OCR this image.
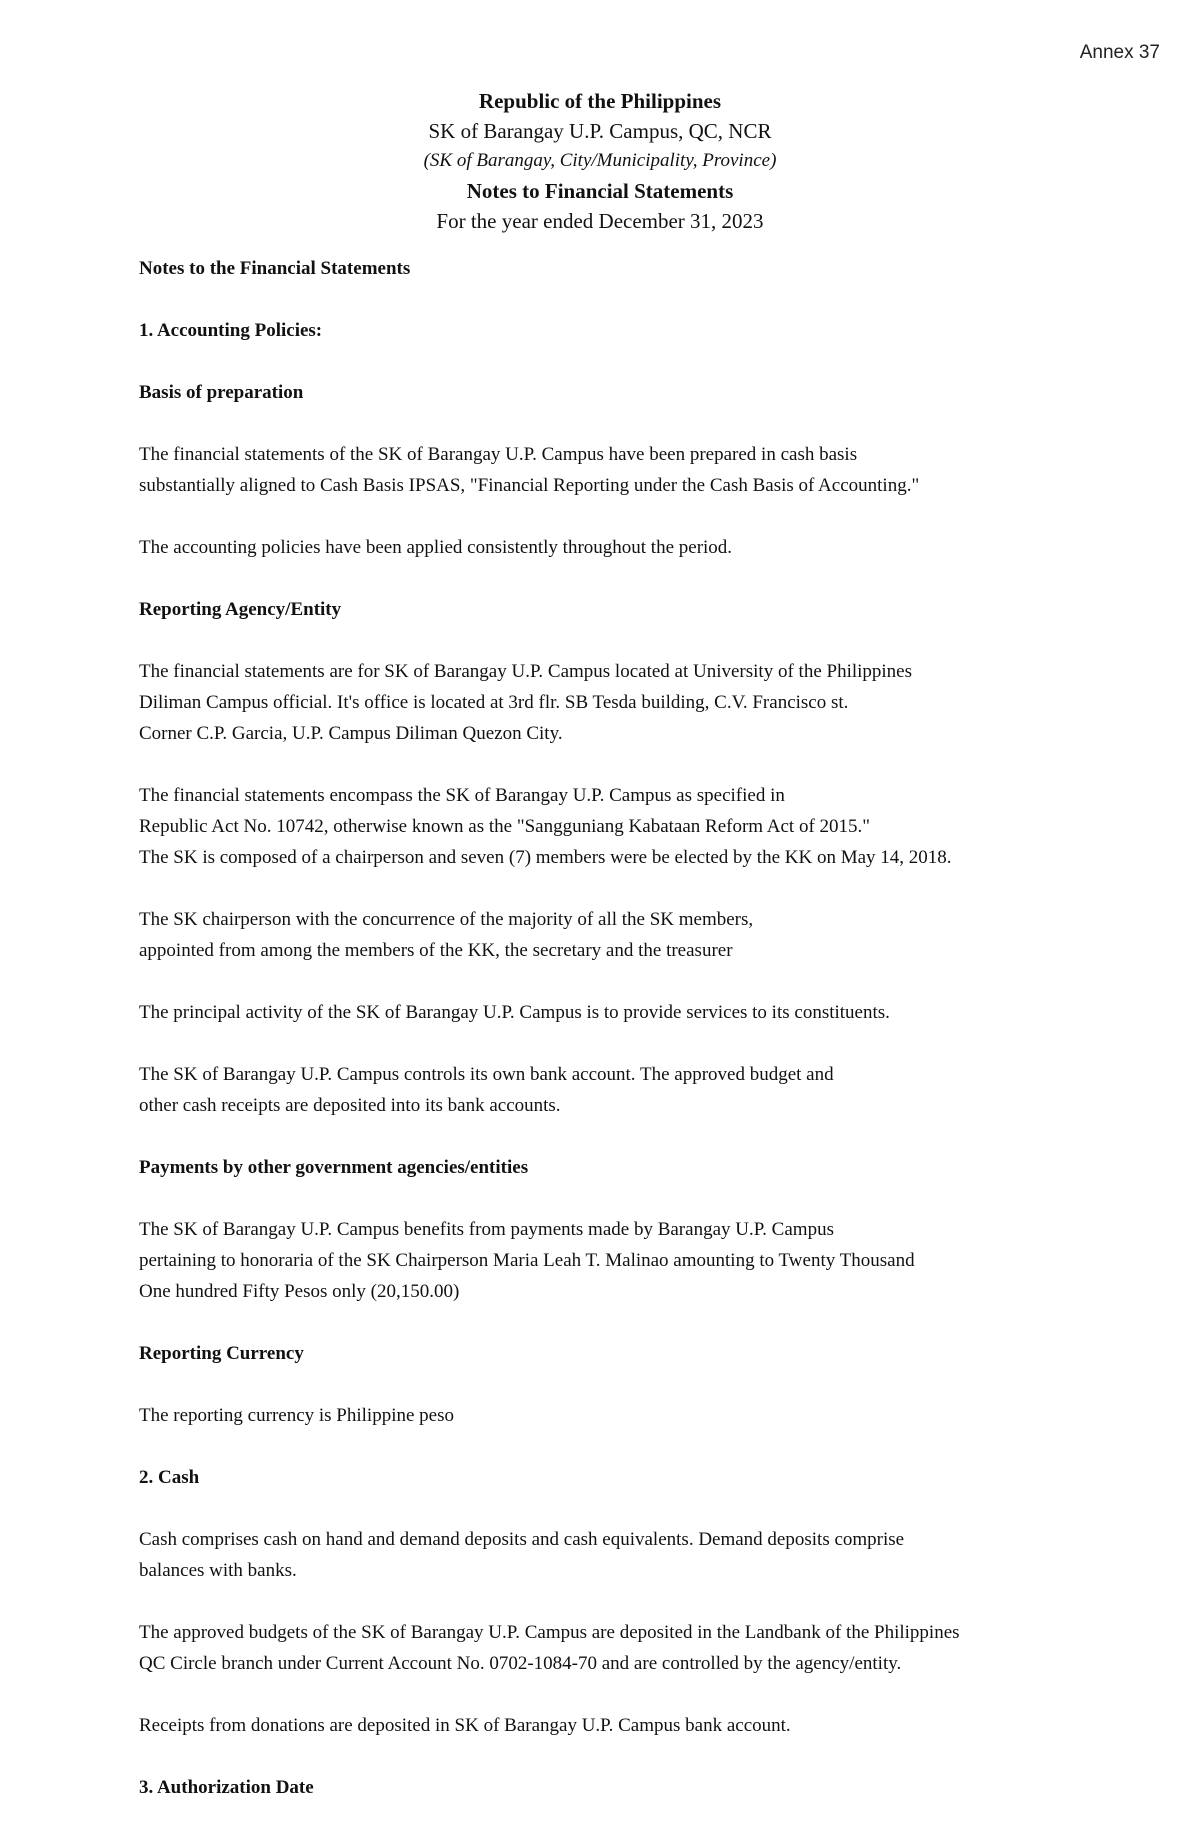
Annex 37
Republic of the Philippines
SK of Barangay U.P. Campus, QC, NCR
(SK of Barangay, City/Municipality, Province)
Notes to Financial Statements
For the year ended December 31, 2023
Notes to the Financial Statements
1. Accounting Policies:
Basis of preparation

The financial statements of the SK of Barangay U.P. Campus have been prepared in cash basis
substantially aligned to Cash Basis IPSAS, "Financial Reporting under the Cash Basis of Accounting."

The accounting policies have been applied consistently throughout the period.

Reporting Agency/Entity

The financial statements are for SK of Barangay U.P. Campus located at University of the Philippines
Diliman Campus official. It's office is located at 3rd flr. SB Tesda building, C.V. Francisco st.
Corner C.P. Garcia, U.P. Campus Diliman Quezon City.

The financial statements encompass the SK of Barangay U.P. Campus as specified in
Republic Act No. 10742, otherwise known as the "Sangguniang Kabataan Reform Act of 2015."
The SK is composed of a chairperson and seven (7) members were be elected by the KK on May 14, 2018.

The SK chairperson with the concurrence of the majority of all the SK members,
appointed from among the members of the KK, the secretary and the treasurer

The principal activity of the SK of Barangay U.P. Campus is to provide services to its constituents.

The SK of Barangay U.P. Campus controls its own bank account. The approved budget and
other cash receipts are deposited into its bank accounts.

Payments by other government agencies/entities

The SK of Barangay U.P. Campus benefits from payments made by Barangay U.P. Campus
pertaining to honoraria of the SK Chairperson Maria Leah T. Malinao amounting to Twenty Thousand
One hundred Fifty Pesos only (20,150.00)

Reporting Currency

The reporting currency is Philippine peso

2. Cash

Cash comprises cash on hand and demand deposits and cash equivalents. Demand deposits comprise
balances with banks.

The approved budgets of the SK of Barangay U.P. Campus are deposited in the Landbank of the Philippines
QC Circle branch under Current Account No. 0702-1084-70 and are controlled by the agency/entity.

Receipts from donations are deposited in SK of Barangay U.P. Campus bank account.

3. Authorization Date
